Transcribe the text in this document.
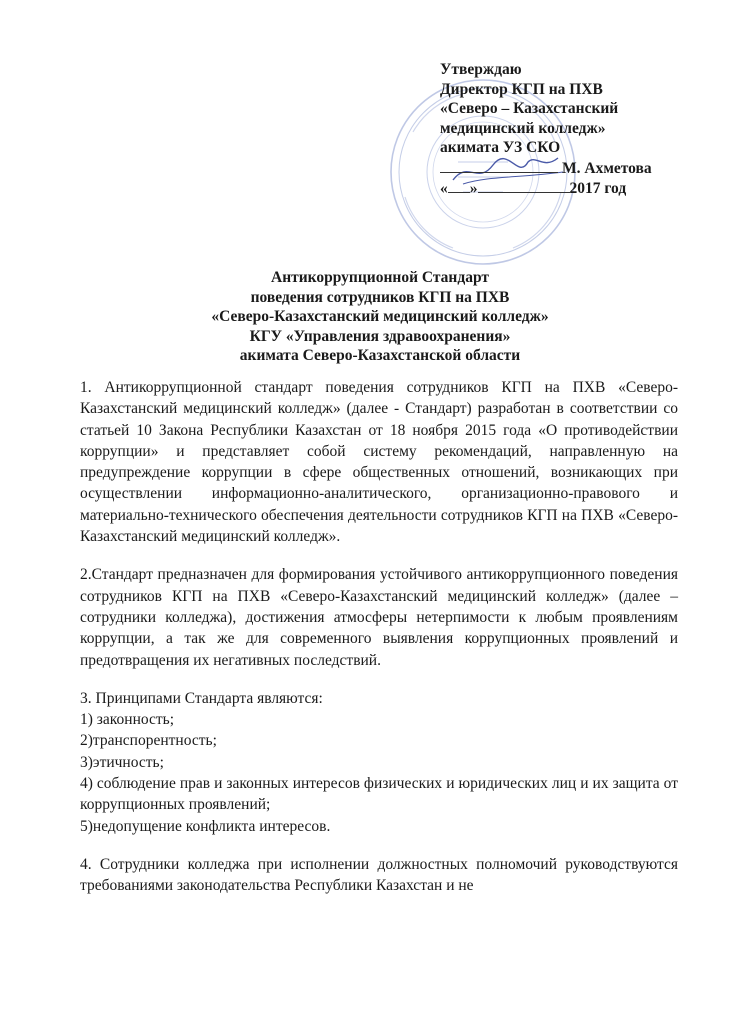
Утверждаю
Директор КГП на ПХВ
«Северо – Казахстанский
медицинский колледж»
акимата УЗ СКО
М. Ахметова
« »	2017 год
Антикоррупционной Стандарт
поведения сотрудников КГП на ПХВ
«Северо-Казахстанский медицинский колледж»
КГУ «Управления здравоохранения»
акимата Северо-Казахстанской области

1. Антикоррупционной стандарт поведения сотрудников КГП на ПХВ «Северо-Казахстанский медицинский колледж» (далее - Стандарт) разработан в соответствии со статьей 10 Закона Республики Казахстан от 18 ноября 2015 года «О противодействии коррупции» и представляет собой систему рекомендаций, направленную на предупреждение коррупции в сфере общественных отношений, возникающих при осуществлении информационно-аналитического, организационно-правового и материально-технического обеспечения деятельности сотрудников КГП на ПХВ «Северо-Казахстанский медицинский колледж».

2.Стандарт предназначен для формирования устойчивого антикоррупционного поведения сотрудников КГП на ПХВ «Северо-Казахстанский медицинский колледж» (далее – сотрудники колледжа), достижения атмосферы нетерпимости к любым проявлениям коррупции, а так же для современного выявления коррупционных проявлений и предотвращения их негативных последствий.

3. Принципами Стандарта являются:
1) законность;
2)транспорентность;
3)этичность;
4) соблюдение прав и законных интересов физических и юридических лиц и их защита от коррупционных проявлений;
5)недопущение конфликта интересов.

4. Сотрудники колледжа при исполнении должностных полномочий руководствуются требованиями законодательства Республики Казахстан и не
